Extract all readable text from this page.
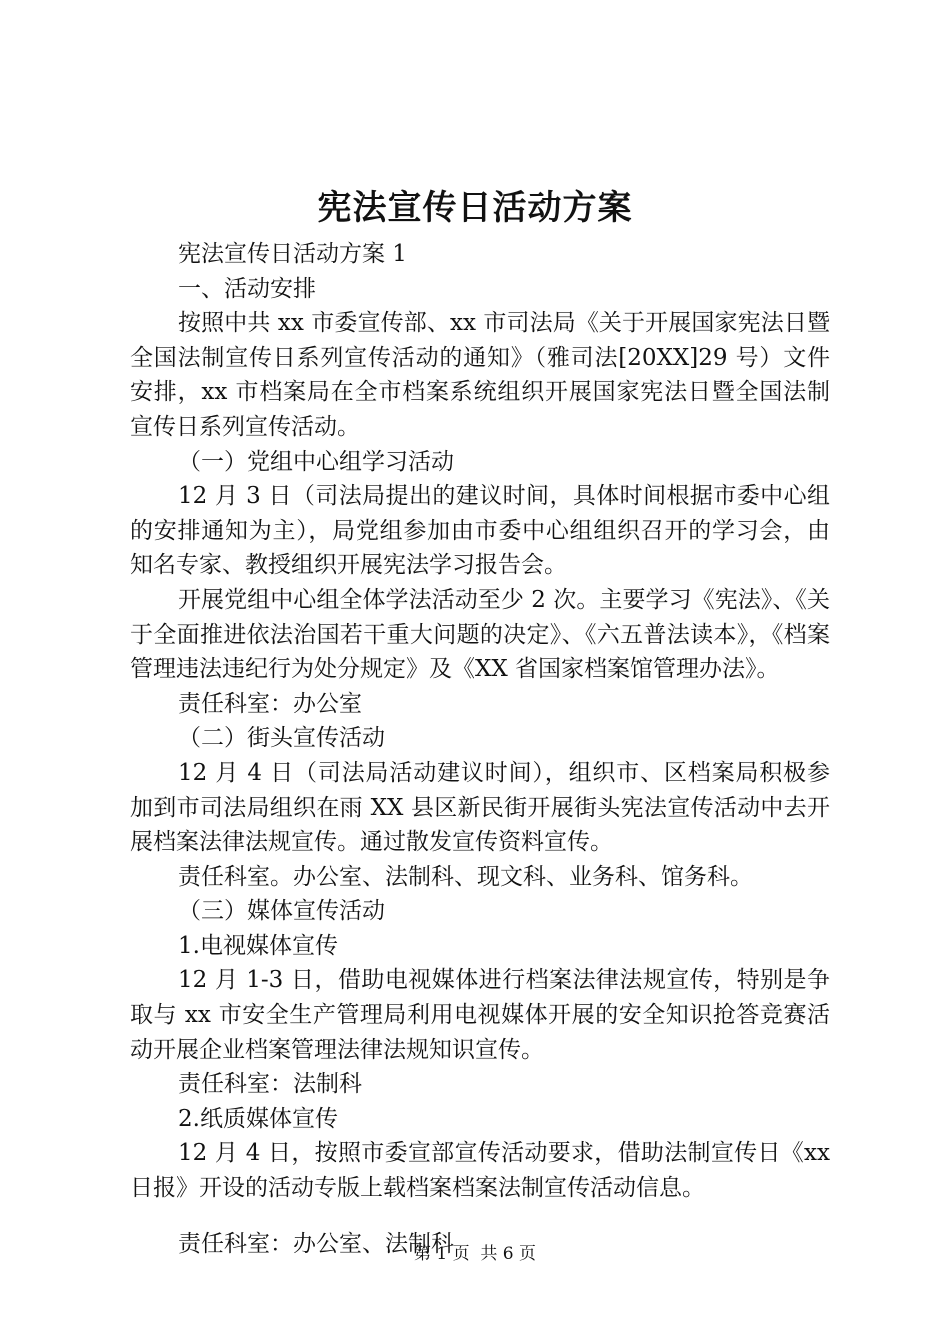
宪法宣传日活动方案

宪法宣传日活动方案 1

一、活动安排

按照中共 xx 市委宣传部、xx 市司法局《关于开展国家宪法日暨全国法制宣传日系列宣传活动的通知》（雅司法[20XX]29 号）文件安排，xx 市档案局在全市档案系统组织开展国家宪法日暨全国法制宣传日系列宣传活动。

（一）党组中心组学习活动

12 月 3 日（司法局提出的建议时间，具体时间根据市委中心组的安排通知为主），局党组参加由市委中心组组织召开的学习会，由知名专家、教授组织开展宪法学习报告会。

开展党组中心组全体学法活动至少 2 次。主要学习《宪法》、《关于全面推进依法治国若干重大问题的决定》、《六五普法读本》，《档案管理违法违纪行为处分规定》及《XX 省国家档案馆管理办法》。

责任科室：办公室

（二）街头宣传活动

12 月 4 日（司法局活动建议时间），组织市、区档案局积极参加到市司法局组织在雨 XX 县区新民街开展街头宪法宣传活动中去开展档案法律法规宣传。通过散发宣传资料宣传。

责任科室。办公室、法制科、现文科、业务科、馆务科。

（三）媒体宣传活动

1.电视媒体宣传

12 月 1-3 日，借助电视媒体进行档案法律法规宣传，特别是争取与 xx 市安全生产管理局利用电视媒体开展的安全知识抢答竞赛活动开展企业档案管理法律法规知识宣传。

责任科室：法制科

2.纸质媒体宣传

12 月 4 日，按照市委宣部宣传活动要求，借助法制宣传日《xx 日报》开设的活动专版上载档案档案法制宣传活动信息。

责任科室：办公室、法制科

第 1 页  共 6 页
